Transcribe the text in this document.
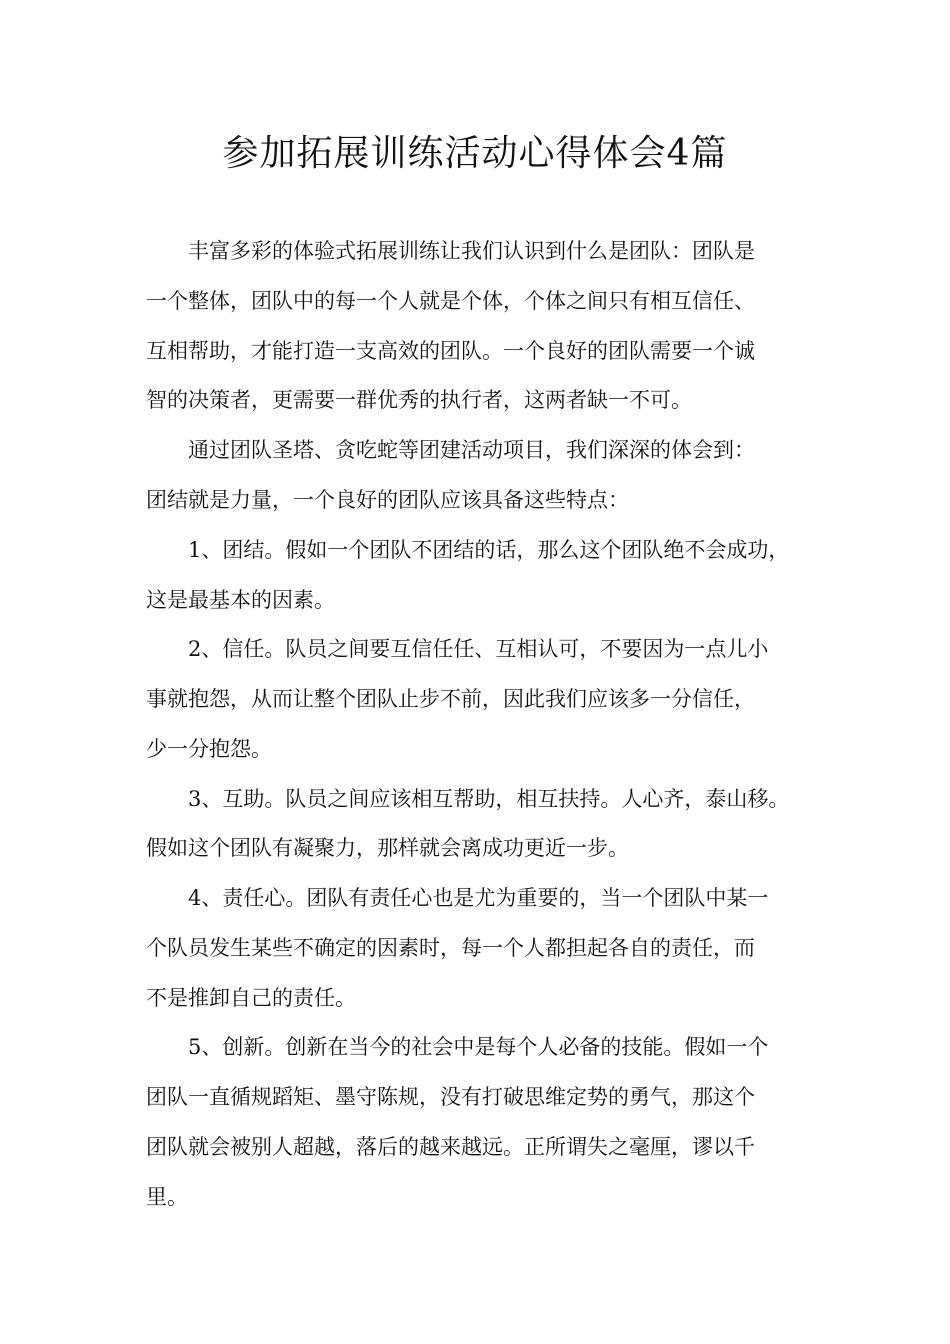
参加拓展训练活动心得体会4篇

丰富多彩的体验式拓展训练让我们认识到什么是团队：团队是

一个整体，团队中的每一个人就是个体，个体之间只有相互信任、

互相帮助，才能打造一支高效的团队。一个良好的团队需要一个诚

智的决策者，更需要一群优秀的执行者，这两者缺一不可。

通过团队圣塔、贪吃蛇等团建活动项目，我们深深的体会到：

团结就是力量，一个良好的团队应该具备这些特点：

1、团结。假如一个团队不团结的话，那么这个团队绝不会成功，

这是最基本的因素。

2、信任。队员之间要互信任任、互相认可，不要因为一点儿小

事就抱怨，从而让整个团队止步不前，因此我们应该多一分信任，

少一分抱怨。

3、互助。队员之间应该相互帮助，相互扶持。人心齐，泰山移。

假如这个团队有凝聚力，那样就会离成功更近一步。

4、责任心。团队有责任心也是尤为重要的，当一个团队中某一

个队员发生某些不确定的因素时，每一个人都担起各自的责任，而

不是推卸自己的责任。

5、创新。创新在当今的社会中是每个人必备的技能。假如一个

团队一直循规蹈矩、墨守陈规，没有打破思维定势的勇气，那这个

团队就会被别人超越，落后的越来越远。正所谓失之毫厘，谬以千

里。
